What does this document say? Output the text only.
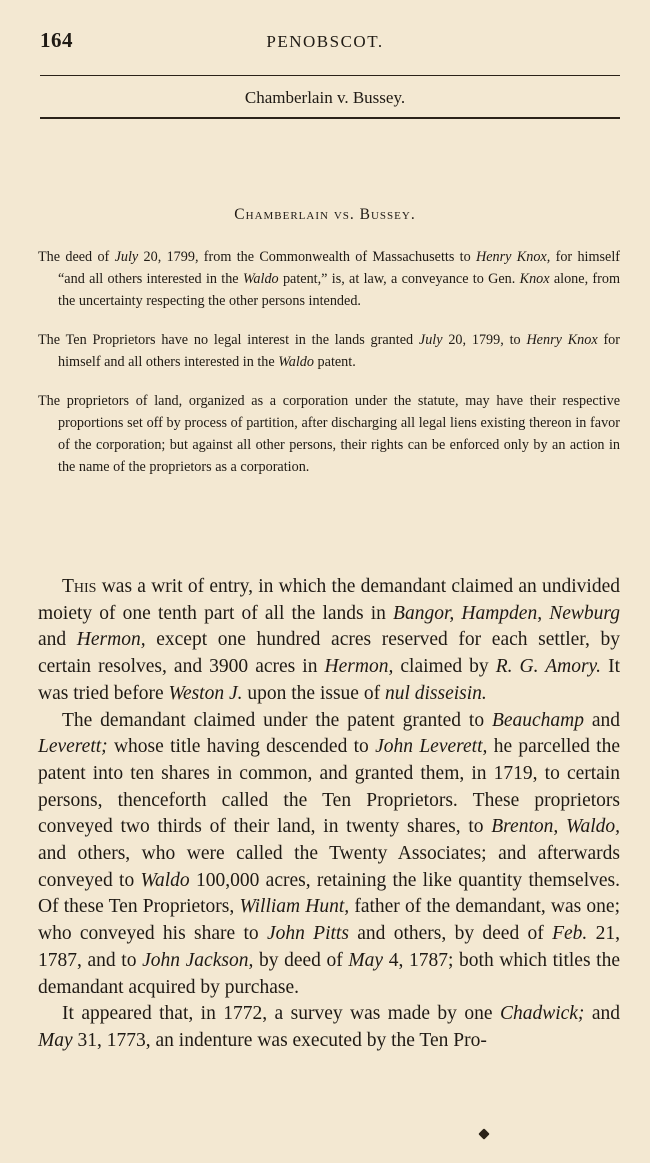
164	PENOBSCOT.
Chamberlain v. Bussey.
Chamberlain vs. Bussey.

The deed of July 20, 1799, from the Commonwealth of Massachusetts to Henry Knox, for himself “and all others interested in the Waldo patent,” is, at law, a conveyance to Gen. Knox alone, from the uncertainty respecting the other persons intended.

The Ten Proprietors have no legal interest in the lands granted July 20, 1799, to Henry Knox for himself and all others interested in the Waldo patent.

The proprietors of land, organized as a corporation under the statute, may have their respective proportions set off by process of partition, after discharging all legal liens existing thereon in favor of the corporation; but against all other persons, their rights can be enforced only by an action in the name of the proprietors as a corporation.

This was a writ of entry, in which the demandant claimed an undivided moiety of one tenth part of all the lands in Bangor, Hampden, Newburg and Hermon, except one hundred acres reserved for each settler, by certain resolves, and 3900 acres in Hermon, claimed by R. G. Amory. It was tried before Weston J. upon the issue of nul disseisin.

The demandant claimed under the patent granted to Beauchamp and Leverett; whose title having descended to John Leverett, he parcelled the patent into ten shares in common, and granted them, in 1719, to certain persons, thenceforth called the Ten Proprietors. These proprietors conveyed two thirds of their land, in twenty shares, to Brenton, Waldo, and others, who were called the Twenty Associates; and afterwards conveyed to Waldo 100,000 acres, retaining the like quantity themselves. Of these Ten Proprietors, William Hunt, father of the demandant, was one; who conveyed his share to John Pitts and others, by deed of Feb. 21, 1787, and to John Jackson, by deed of May 4, 1787; both which titles the demandant acquired by purchase.

It appeared that, in 1772, a survey was made by one Chadwick; and May 31, 1773, an indenture was executed by the Ten Pro-
